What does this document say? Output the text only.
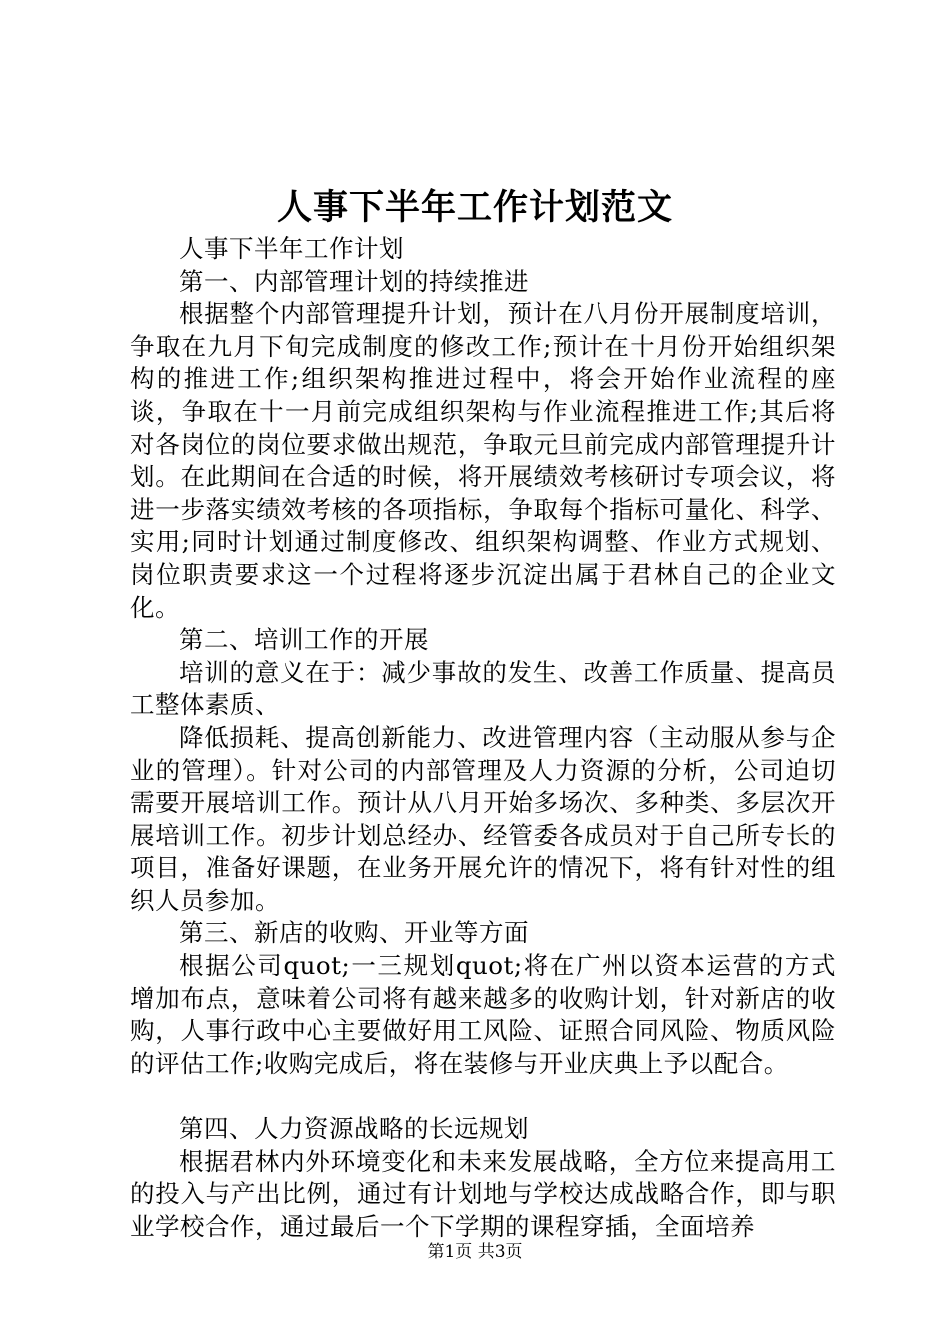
人事下半年工作计划范文

人事下半年工作计划

第一、内部管理计划的持续推进

根据整个内部管理提升计划，预计在八月份开展制度培训，争取在九月下旬完成制度的修改工作;预计在十月份开始组织架构的推进工作;组织架构推进过程中，将会开始作业流程的座谈，争取在十一月前完成组织架构与作业流程推进工作;其后将对各岗位的岗位要求做出规范，争取元旦前完成内部管理提升计划。在此期间在合适的时候，将开展绩效考核研讨专项会议，将进一步落实绩效考核的各项指标，争取每个指标可量化、科学、实用;同时计划通过制度修改、组织架构调整、作业方式规划、岗位职责要求这一个过程将逐步沉淀出属于君林自己的企业文化。

第二、培训工作的开展

培训的意义在于：减少事故的发生、改善工作质量、提高员工整体素质、

降低损耗、提高创新能力、改进管理内容（主动服从参与企业的管理）。针对公司的内部管理及人力资源的分析，公司迫切需要开展培训工作。预计从八月开始多场次、多种类、多层次开展培训工作。初步计划总经办、经管委各成员对于自己所专长的项目，准备好课题，在业务开展允许的情况下，将有针对性的组织人员参加。

第三、新店的收购、开业等方面

根据公司quot;一三规划quot;将在广州以资本运营的方式增加布点，意味着公司将有越来越多的收购计划，针对新店的收购，人事行政中心主要做好用工风险、证照合同风险、物质风险的评估工作;收购完成后，将在装修与开业庆典上予以配合。

第四、人力资源战略的长远规划

根据君林内外环境变化和未来发展战略，全方位来提高用工的投入与产出比例，通过有计划地与学校达成战略合作，即与职业学校合作，通过最后一个下学期的课程穿插，全面培养

第1页 共3页
